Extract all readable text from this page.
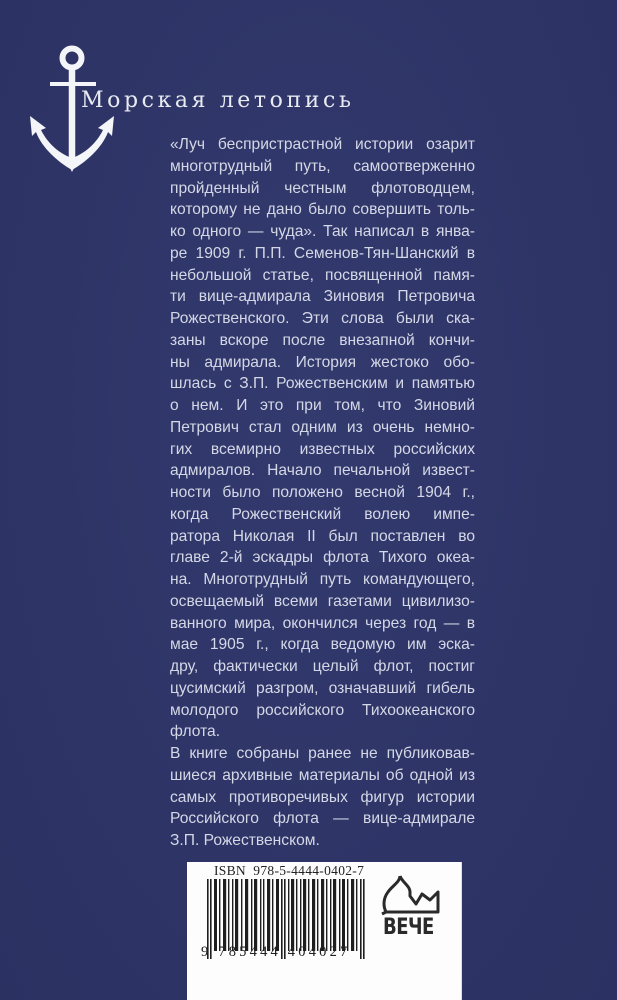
Морская летопись
«Луч беспристрастной истории озарит
многотрудный путь, самоотверженно
пройденный честным флотоводцем,
которому не дано было совершить толь-
ко одного — чуда». Так написал в янва-
ре 1909 г. П.П. Семенов-Тян-Шанский в
небольшой статье, посвященной памя-
ти вице-адмирала Зиновия Петровича
Рожественского. Эти слова были ска-
заны вскоре после внезапной кончи-
ны адмирала. История жестоко обо-
шлась с З.П. Рожественским и памятью
о нем. И это при том, что Зиновий
Петрович стал одним из очень немно-
гих всемирно известных российских
адмиралов. Начало печальной извест-
ности было положено весной 1904 г.,
когда Рожественский волею импе-
ратора Николая II был поставлен во
главе 2-й эскадры флота Тихого океа-
на. Многотрудный путь командующего,
освещаемый всеми газетами цивилизо-
ванного мира, окончился через год — в
мае 1905 г., когда ведомую им эска-
дру, фактически целый флот, постиг
цусимский разгром, означавший гибель
молодого российского Тихоокеанского
флота.
В книге собраны ранее не публиковав-
шиеся архивные материалы об одной из
самых противоречивых фигур истории
Российского флота — вице-адмирале
З.П. Рожественском.
ISBN  978-5-4444-0402-7
9 785444 404027
ВЕЧЕ
